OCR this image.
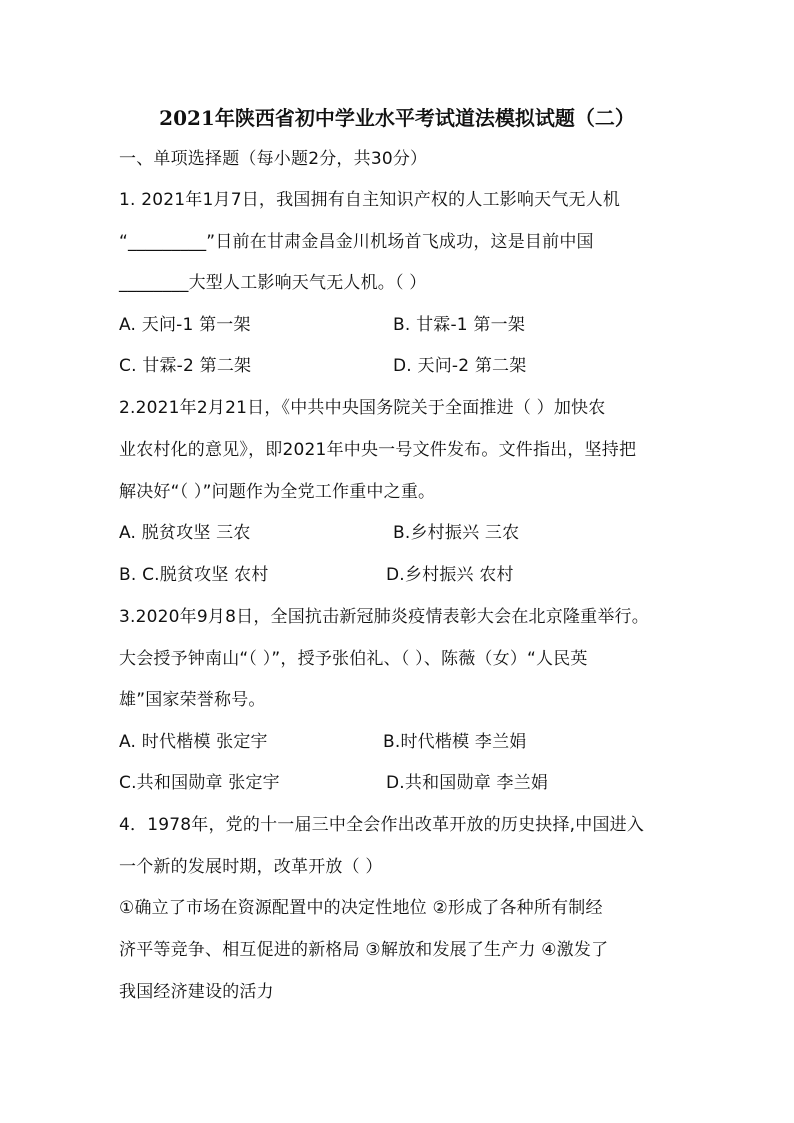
2021年陕西省初中学业水平考试道法模拟试题（二）
一、单项选择题（每小题2分，共30分）
1. 2021年1月7日，我国拥有自主知识产权的人工影响天气无人机
“_________”日前在甘肃金昌金川机场首飞成功，这是目前中国
________大型人工影响天气无人机。（ ）
A. 天问-1 第一架	B. 甘霖-1 第一架
C. 甘霖-2 第二架	D. 天问-2 第二架
2.2021年2月21日，《中共中央国务院关于全面推进（ ）加快农
业农村化的意见》，即2021年中央一号文件发布。文件指出，坚持把
解决好“（ ）”问题作为全党工作重中之重。
A. 脱贫攻坚 三农	B.乡村振兴 三农
B. C.脱贫攻坚 农村	D.乡村振兴 农村
3.2020年9月8日，全国抗击新冠肺炎疫情表彰大会在北京隆重举行。
大会授予钟南山“（ ）”，授予张伯礼、（ ）、陈薇（女）“人民英
雄”国家荣誉称号。
A. 时代楷模 张定宇	B.时代楷模 李兰娟
C.共和国勋章 张定宇	D.共和国勋章 李兰娟
4．1978年，党的十一届三中全会作出改革开放的历史抉择,中国进入
一个新的发展时期，改革开放（ ）
①确立了市场在资源配置中的决定性地位 ②形成了各种所有制经
济平等竞争、相互促进的新格局 ③解放和发展了生产力 ④激发了
我国经济建设的活力
